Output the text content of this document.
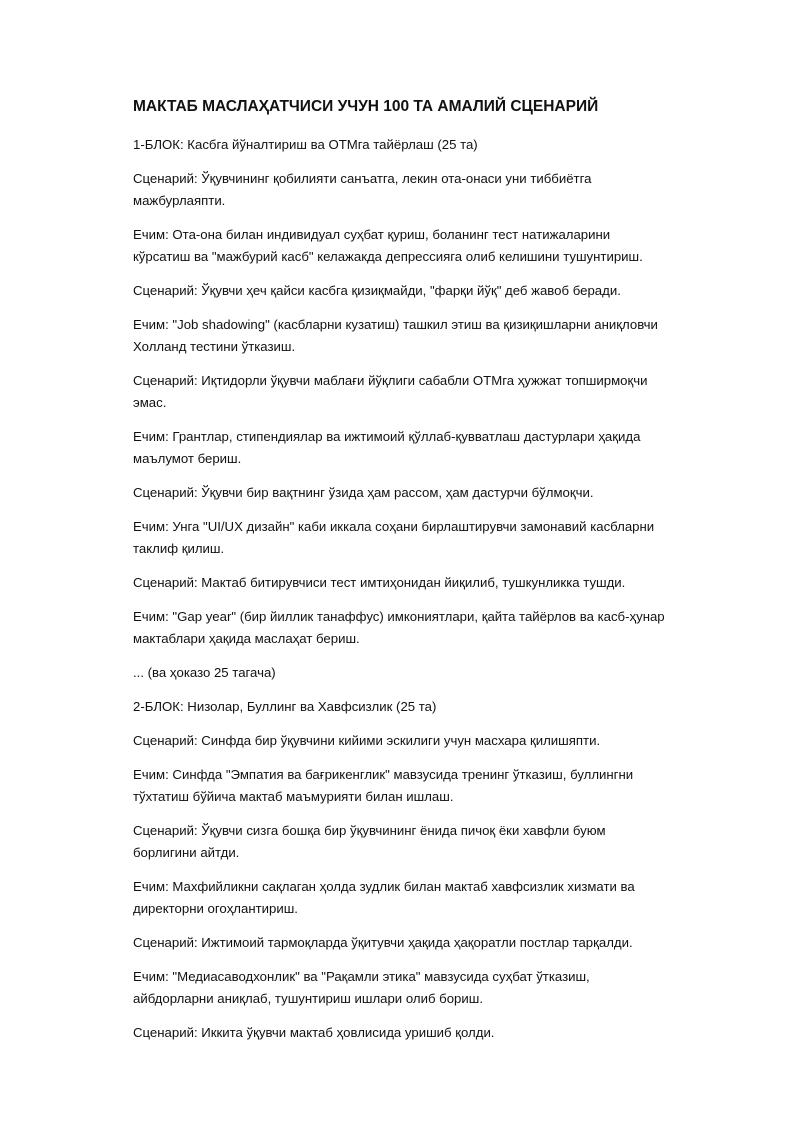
МАКТАБ МАСЛАҲАТЧИСИ УЧУН 100 ТА АМАЛИЙ СЦЕНАРИЙ
1-БЛОК: Касбга йўналтириш ва ОТМга тайёрлаш (25 та)
Сценарий: Ўқувчининг қобилияти санъатга, лекин ота-онаси уни тиббиётга
мажбурлаяпти.
Ечим: Ота-она билан индивидуал суҳбат қуриш, боланинг тест натижаларини
кўрсатиш ва "мажбурий касб" келажакда депрессияга олиб келишини тушунтириш.
Сценарий: Ўқувчи ҳеч қайси касбга қизиқмайди, "фарқи йўқ" деб жавоб беради.
Ечим: "Job shadowing" (касбларни кузатиш) ташкил этиш ва қизиқишларни аниқловчи
Холланд тестини ўтказиш.
Сценарий: Иқтидорли ўқувчи маблағи йўқлиги сабабли ОТМга ҳужжат топширмоқчи
эмас.
Ечим: Грантлар, стипендиялар ва ижтимоий қўллаб-қувватлаш дастурлари ҳақида
маълумот бериш.
Сценарий: Ўқувчи бир вақтнинг ўзида ҳам рассом, ҳам дастурчи бўлмоқчи.
Ечим: Унга "UI/UX дизайн" каби иккала соҳани бирлаштирувчи замонавий касбларни
таклиф қилиш.
Сценарий: Мактаб битирувчиси тест имтиҳонидан йиқилиб, тушкунликка тушди.
Ечим: "Gap year" (бир йиллик танаффус) имкониятлари, қайта тайёрлов ва касб-ҳунар
мактаблари ҳақида маслаҳат бериш.
... (ва ҳоказо 25 тагача)
2-БЛОК: Низолар, Буллинг ва Хавфсизлик (25 та)
Сценарий: Синфда бир ўқувчини кийими эскилиги учун масхара қилишяпти.
Ечим: Синфда "Эмпатия ва бағрикенглик" мавзусида тренинг ўтказиш, буллингни
тўхтатиш бўйича мактаб маъмурияти билан ишлаш.
Сценарий: Ўқувчи сизга бошқа бир ўқувчининг ёнида пичоқ ёки хавфли буюм
борлигини айтди.
Ечим: Махфийликни сақлаган ҳолда зудлик билан мактаб хавфсизлик хизмати ва
директорни огоҳлантириш.
Сценарий: Ижтимоий тармоқларда ўқитувчи ҳақида ҳақоратли постлар тарқалди.
Ечим: "Медиасаводхонлик" ва "Рақамли этика" мавзусида суҳбат ўтказиш,
айбдорларни аниқлаб, тушунтириш ишлари олиб бориш.
Сценарий: Иккита ўқувчи мактаб ҳовлисида уришиб қолди.
